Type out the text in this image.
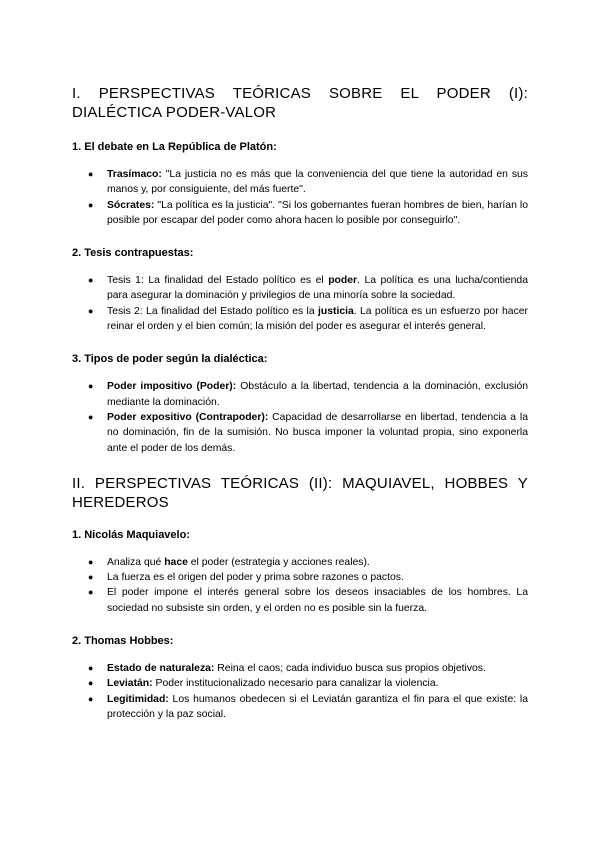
I. PERSPECTIVAS TEÓRICAS SOBRE EL PODER (I): DIALÉCTICA PODER-VALOR
1. El debate en La República de Platón:
● Trasímaco: "La justicia no es más que la conveniencia del que tiene la autoridad en sus manos y, por consiguiente, del más fuerte".
● Sócrates: "La política es la justicia". "Si los gobernantes fueran hombres de bien, harían lo posible por escapar del poder como ahora hacen lo posible por conseguirlo".
2. Tesis contrapuestas:
● Tesis 1: La finalidad del Estado político es el poder. La política es una lucha/contienda para asegurar la dominación y privilegios de una minoría sobre la sociedad.
● Tesis 2: La finalidad del Estado político es la justicia. La política es un esfuerzo por hacer reinar el orden y el bien común; la misión del poder es asegurar el interés general.
3. Tipos de poder según la dialéctica:
● Poder impositivo (Poder): Obstáculo a la libertad, tendencia a la dominación, exclusión mediante la dominación.
● Poder expositivo (Contrapoder): Capacidad de desarrollarse en libertad, tendencia a la no dominación, fin de la sumisión. No busca imponer la voluntad propia, sino exponerla ante el poder de los demás.
II. PERSPECTIVAS TEÓRICAS (II): MAQUIAVEL, HOBBES Y HEREDEROS
1. Nicolás Maquiavelo:
● Analiza qué hace el poder (estrategia y acciones reales).
● La fuerza es el origen del poder y prima sobre razones o pactos.
● El poder impone el interés general sobre los deseos insaciables de los hombres. La sociedad no subsiste sin orden, y el orden no es posible sin la fuerza.
2. Thomas Hobbes:
● Estado de naturaleza: Reina el caos; cada individuo busca sus propios objetivos.
● Leviatán: Poder institucionalizado necesario para canalizar la violencia.
● Legitimidad: Los humanos obedecen si el Leviatán garantiza el fin para el que existe: la protección y la paz social.
